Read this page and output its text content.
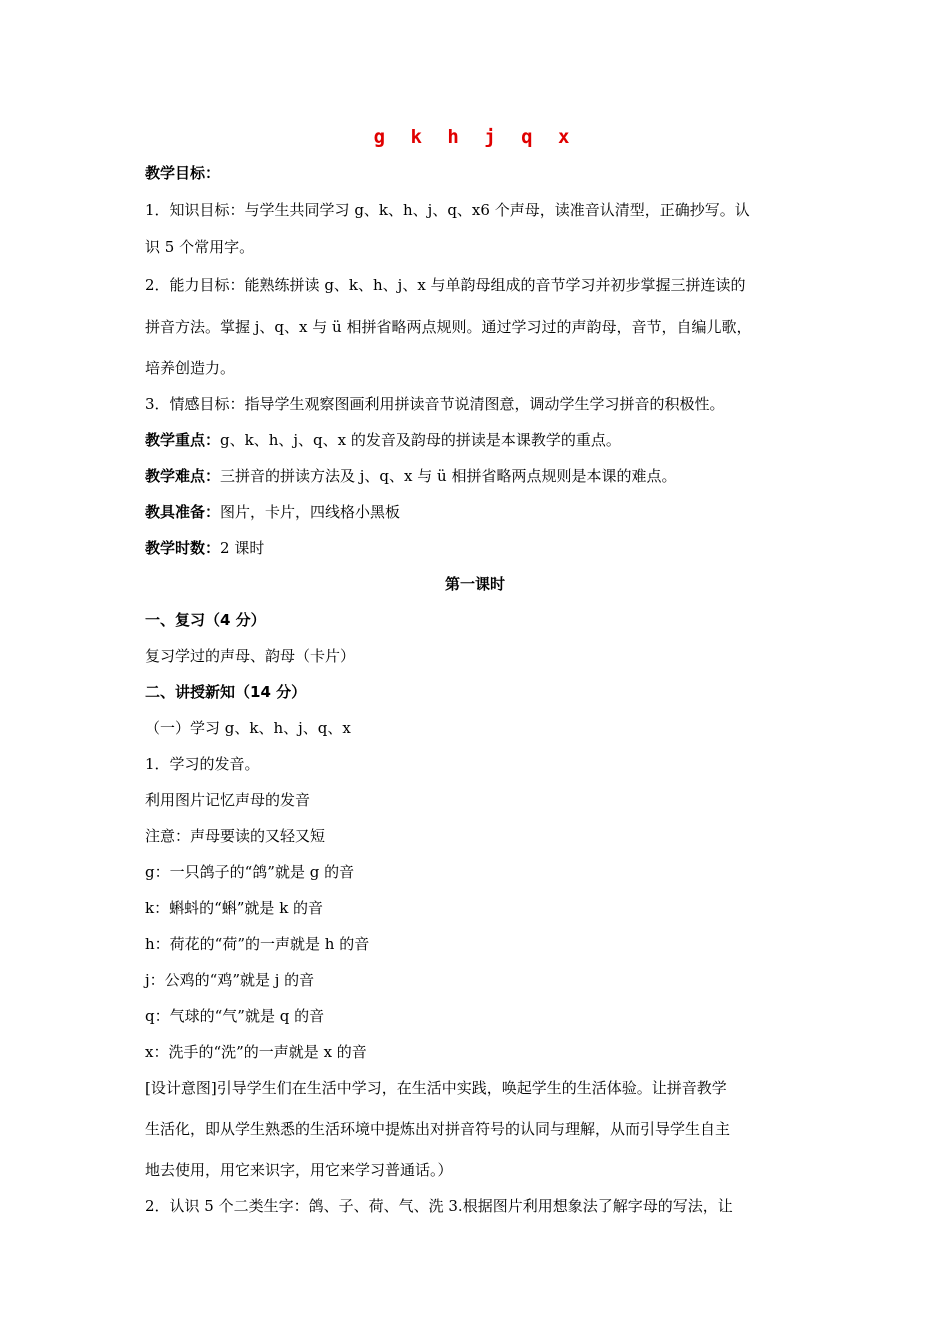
g k h j q x
教学目标：
1．知识目标：与学生共同学习 g、k、h、j、q、x6 个声母，读准音认清型，正确抄写。认
识 5 个常用字。
2．能力目标：能熟练拼读 g、k、h、j、x 与单韵母组成的音节学习并初步掌握三拼连读的
拼音方法。掌握 j、q、x 与 ü 相拼省略两点规则。通过学习过的声韵母，音节，自编儿歌，
培养创造力。
3．情感目标：指导学生观察图画利用拼读音节说清图意，调动学生学习拼音的积极性。
教学重点：g、k、h、j、q、x 的发音及韵母的拼读是本课教学的重点。
教学难点：三拼音的拼读方法及 j、q、x 与 ü 相拼省略两点规则是本课的难点。
教具准备：图片，卡片，四线格小黑板
教学时数：2 课时
第一课时
一、复习（4 分）
复习学过的声母、韵母（卡片）
二、讲授新知（14 分）
（一）学习 g、k、h、j、q、x
1．学习的发音。
利用图片记忆声母的发音
注意：声母要读的又轻又短
g：一只鸽子的“鸽”就是 g 的音
k：蝌蚪的“蝌”就是 k 的音
h：荷花的“荷”的一声就是 h 的音
j：公鸡的“鸡”就是 j 的音
q：气球的“气”就是 q 的音
x：洗手的“洗”的一声就是 x 的音
[设计意图]引导学生们在生活中学习，在生活中实践，唤起学生的生活体验。让拼音教学
生活化，即从学生熟悉的生活环境中提炼出对拼音符号的认同与理解，从而引导学生自主
地去使用，用它来识字，用它来学习普通话。）
2．认识 5 个二类生字：鸽、子、荷、气、洗 3.根据图片利用想象法了解字母的写法，让
